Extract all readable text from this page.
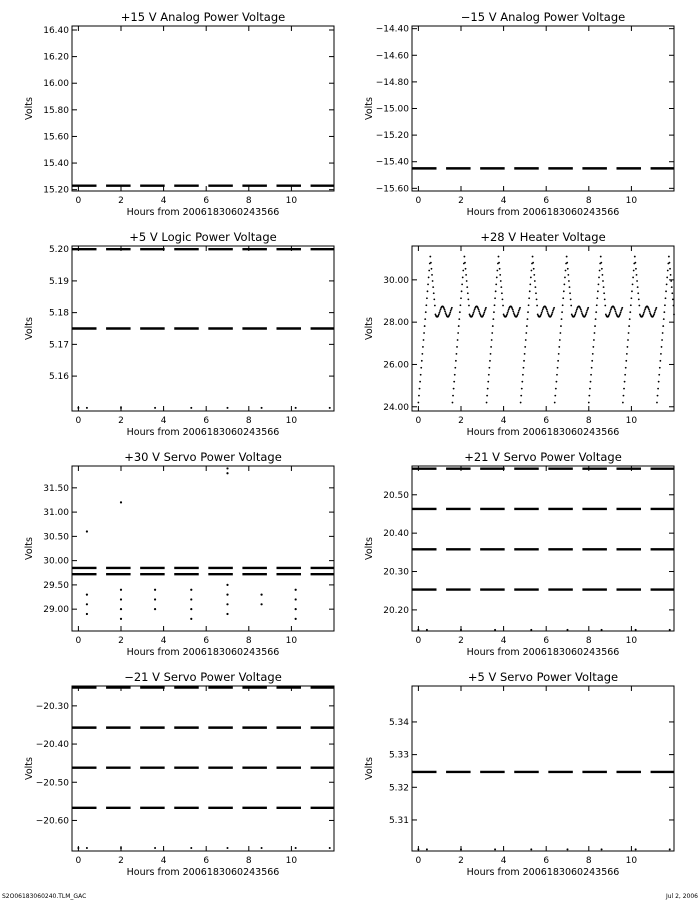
+15 V Analog Power Voltage
0	2	4	6	8	10
15.20
15.40
15.60
15.80
16.00
16.20
16.40
Hours from 2006183060243566
Volts
−15 V Analog Power Voltage
0	2	4	6	8	10
−15.60
−15.40
−15.20
−15.00
−14.80
−14.60
−14.40
Hours from 2006183060243566
Volts
+5 V Logic Power Voltage
0	2	4	6	8	10
5.16
5.17
5.18
5.19
5.20
Hours from 2006183060243566
Volts
+28 V Heater Voltage
0	2	4	6	8	10
24.00
26.00
28.00
30.00
Hours from 2006183060243566
Volts
+30 V Servo Power Voltage
0	2	4	6	8	10
29.00
29.50
30.00
30.50
31.00
31.50
Hours from 2006183060243566
Volts
+21 V Servo Power Voltage
0	2	4	6	8	10
20.20
20.30
20.40
20.50
Hours from 2006183060243566
Volts
−21 V Servo Power Voltage
0	2	4	6	8	10
−20.60
−20.50
−20.40
−20.30
Hours from 2006183060243566
Volts
+5 V Servo Power Voltage
0	2	4	6	8	10
5.31
5.32
5.33
5.34
Hours from 2006183060243566
Volts
S2O06183060240.TLM_GAC	Jul 2, 2006
